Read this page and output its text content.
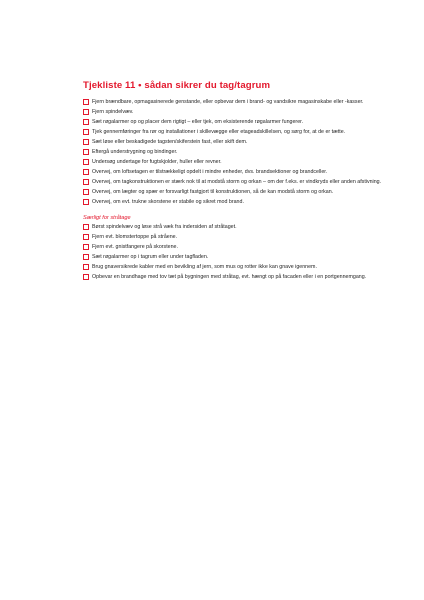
Tjekliste 11 • sådan sikrer du tag/tagrum
Fjern brændbare, opmagasinerede genstande, eller opbevar dem i brand- og vandsikre magasinskabe eller -kasser.
Fjern spindelvæv.
Sæt røgalarmer op og placer dem rigtigt – eller tjek, om eksisterende røgalarmer fungerer.
Tjek gennemføringer fra rør og installationer i skillevægge eller etageadskillelsen, og sørg for, at de er tætte.
Sæt løse eller beskadigede tagsten/skiferstein fast, eller skift dem.
Eftergå understrygning og bindinger.
Undersøg undertage for fugtskjolder, huller eller revner.
Overvej, om loftsetagen er tilstrækkeligt opdelt i mindre enheder, dvs. brandsektioner og brandceller.
Overvej, om tagkonstruktionen er stærk nok til at modstå storm og orkan – om der f.eks. er vindkryds eller anden afstivning.
Overvej, om lægter og spær er forsvarligt fastgjort til konstruktionen, så de kan modstå storm og orkan.
Overvej, om evt. trukne skorstene er stabile og sikret mod brand.
Særligt for stråtage
Børst spindelvæv og løse strå væk fra indersiden af stråtaget.
Fjern evt. blomstertoppe på stråene.
Fjern evt. gnistfangere på skorstene.
Sæt røgalarmer op i tagrum eller under tagfladen.
Brug gnaversikrede kabler med en bevikling af jern, som mus og rotter ikke kan gnave igennem.
Opbevar en brandhage med tov tæt på bygningen med stråtag, evt. hængt op på facaden eller i en portgennemgang.
